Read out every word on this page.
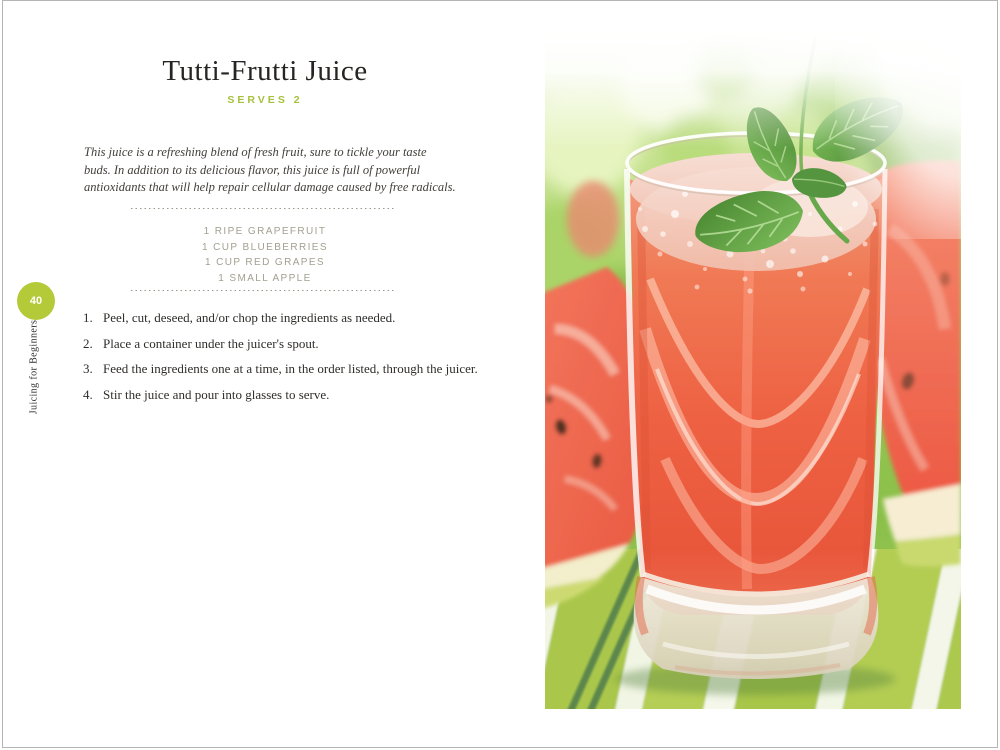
40
Juicing for Beginners
Tutti-Frutti Juice
SERVES 2

This juice is a refreshing blend of fresh fruit, sure to tickle your taste buds. In addition to its delicious flavor, this juice is full of powerful antioxidants that will help repair cellular damage caused by free radicals.

1 RIPE GRAPEFRUIT
1 CUP BLUEBERRIES
1 CUP RED GRAPES
1 SMALL APPLE
1. Peel, cut, deseed, and/or chop the ingredients as needed.
2. Place a container under the juicer's spout.
3. Feed the ingredients one at a time, in the order listed, through the juicer.
4. Stir the juice and pour into glasses to serve.
